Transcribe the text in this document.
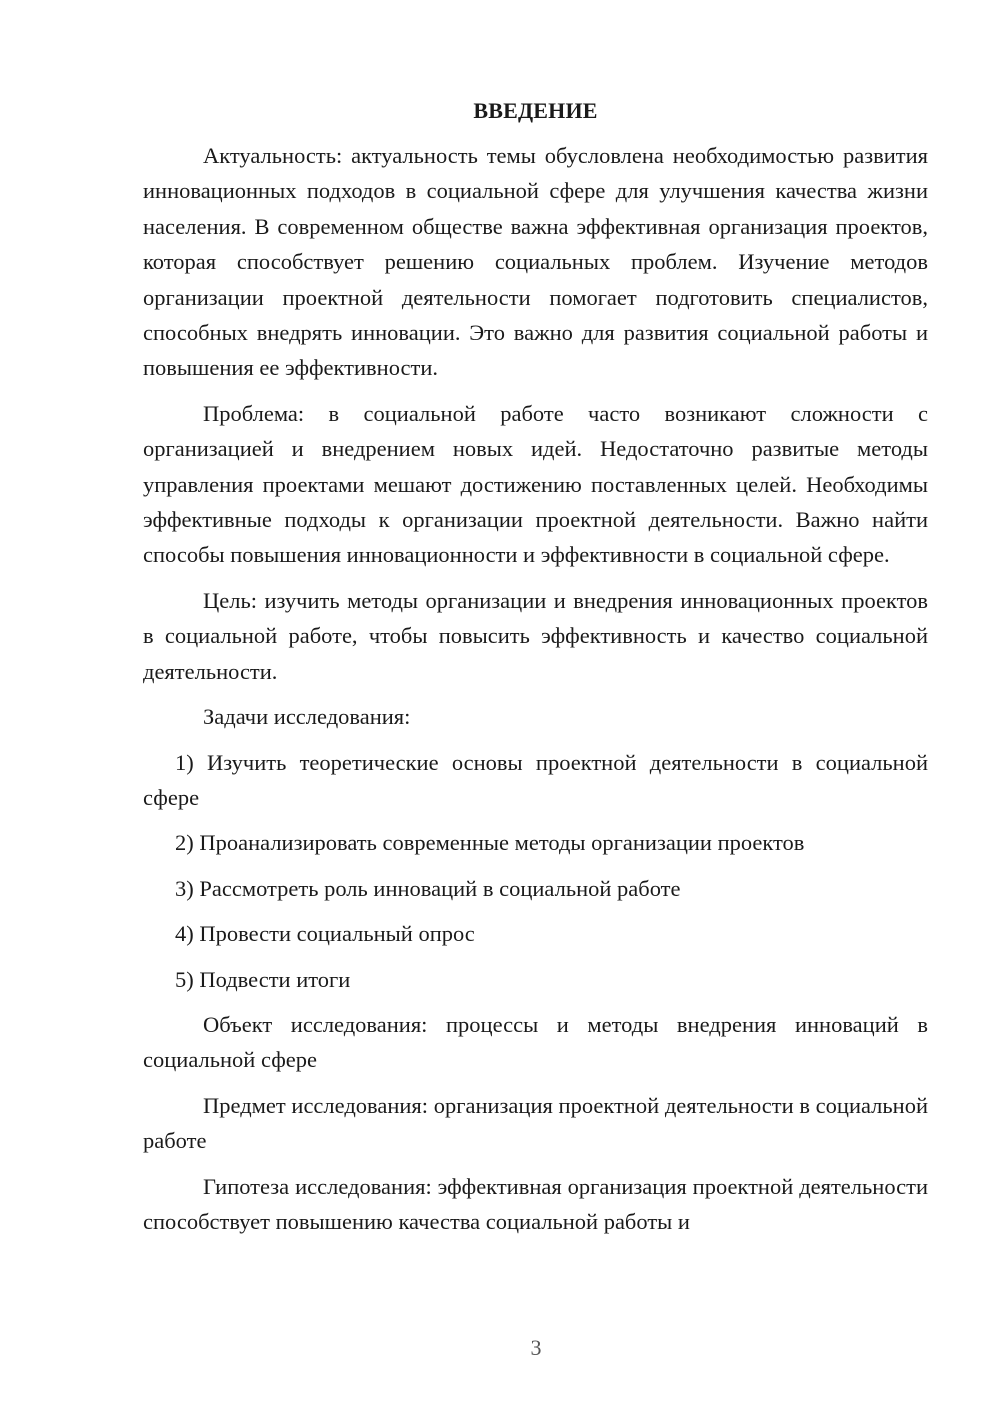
ВВЕДЕНИЕ

Актуальность: актуальность темы обусловлена необходимостью развития инновационных подходов в социальной сфере для улучшения качества жизни населения. В современном обществе важна эффективная организация проектов, которая способствует решению социальных проблем. Изучение методов организации проектной деятельности помогает подготовить специалистов, способных внедрять инновации. Это важно для развития социальной работы и повышения ее эффективности.

Проблема: в социальной работе часто возникают сложности с организацией и внедрением новых идей. Недостаточно развитые методы управления проектами мешают достижению поставленных целей. Необходимы эффективные подходы к организации проектной деятельности. Важно найти способы повышения инновационности и эффективности в социальной сфере.

Цель: изучить методы организации и внедрения инновационных проектов в социальной работе, чтобы повысить эффективность и качество социальной деятельности.

Задачи исследования:

1) Изучить теоретические основы проектной деятельности в социальной сфере
2) Проанализировать современные методы организации проектов
3) Рассмотреть роль инноваций в социальной работе
4) Провести социальный опрос
5) Подвести итоги

Объект исследования: процессы и методы внедрения инноваций в социальной сфере

Предмет исследования: организация проектной деятельности в социальной работе

Гипотеза исследования: эффективная организация проектной деятельности способствует повышению качества социальной работы и

3
